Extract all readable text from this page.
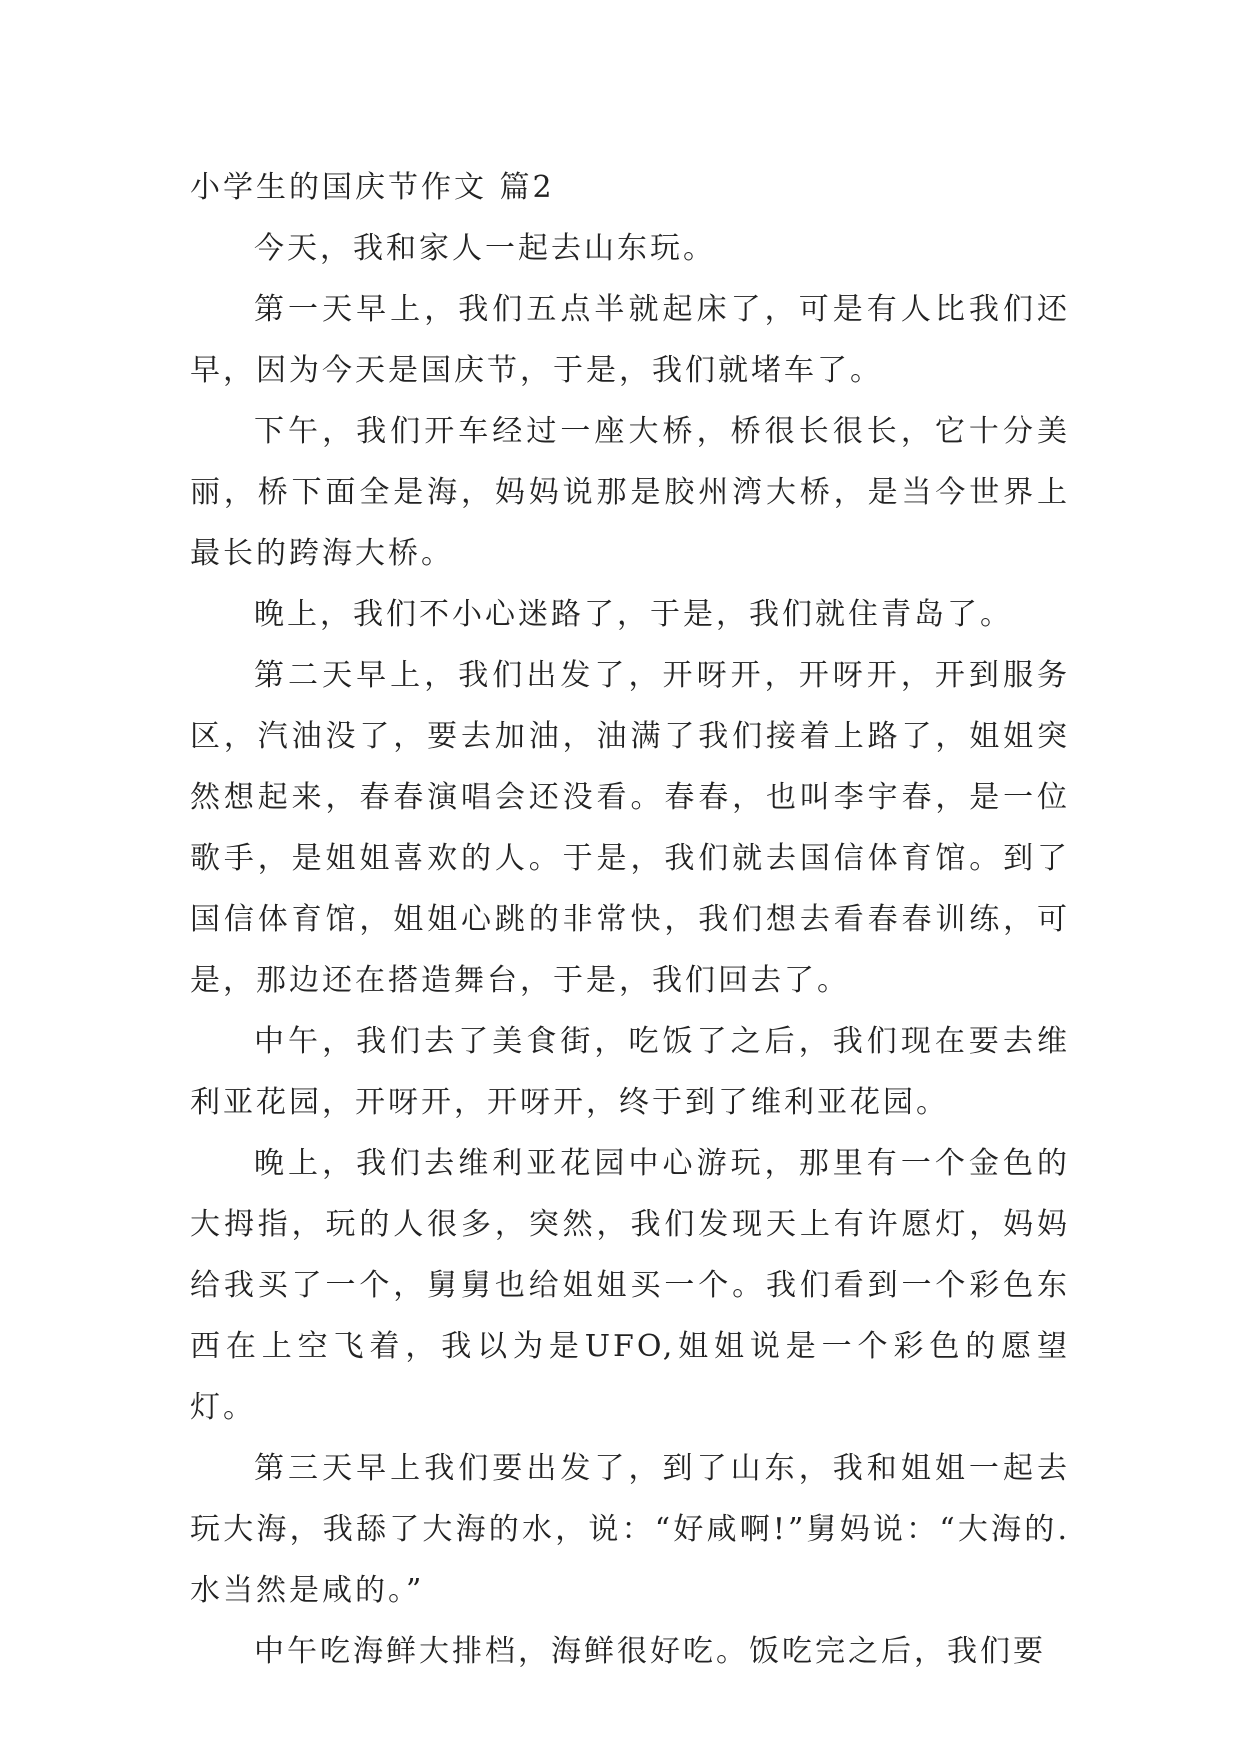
小学生的国庆节作文 篇2

今天，我和家人一起去山东玩。

第一天早上，我们五点半就起床了，可是有人比我们还早，因为今天是国庆节，于是，我们就堵车了。

下午，我们开车经过一座大桥，桥很长很长，它十分美丽，桥下面全是海，妈妈说那是胶州湾大桥，是当今世界上最长的跨海大桥。

晚上，我们不小心迷路了，于是，我们就住青岛了。

第二天早上，我们出发了，开呀开，开呀开，开到服务区，汽油没了，要去加油，油满了我们接着上路了，姐姐突然想起来，春春演唱会还没看。春春，也叫李宇春，是一位歌手，是姐姐喜欢的人。于是，我们就去国信体育馆。到了国信体育馆，姐姐心跳的非常快，我们想去看春春训练，可是，那边还在搭造舞台，于是，我们回去了。

中午，我们去了美食街，吃饭了之后，我们现在要去维利亚花园，开呀开，开呀开，终于到了维利亚花园。

晚上，我们去维利亚花园中心游玩，那里有一个金色的大拇指，玩的人很多，突然，我们发现天上有许愿灯，妈妈给我买了一个，舅舅也给姐姐买一个。我们看到一个彩色东西在上空飞着，我以为是UFO,姐姐说是一个彩色的愿望灯。

第三天早上我们要出发了，到了山东，我和姐姐一起去玩大海，我舔了大海的水，说：“好咸啊!”舅妈说：“大海的.水当然是咸的。”

中午吃海鲜大排档，海鲜很好吃。饭吃完之后，我们要
